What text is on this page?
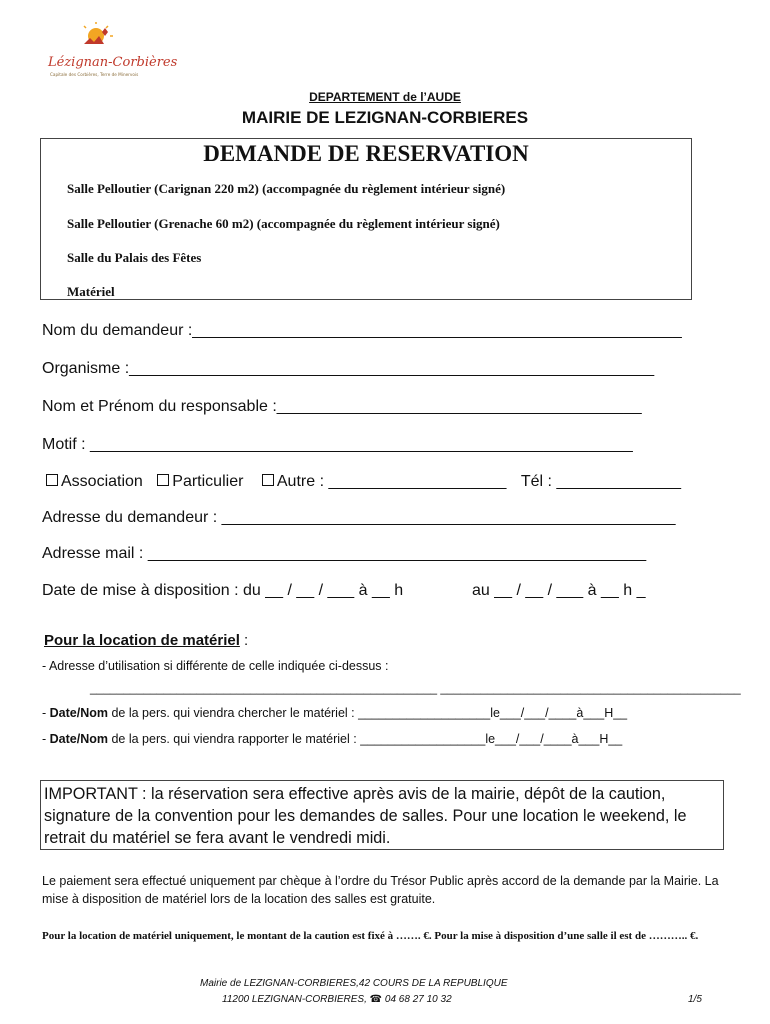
Lézignan-Corbières
Capitale des Corbières, Terre de Minervois
DEPARTEMENT de l’AUDE
MAIRIE DE LEZIGNAN-CORBIERES
DEMANDE DE RESERVATION
Salle Pelloutier (Carignan 220 m2) (accompagnée du règlement intérieur signé)
Salle Pelloutier (Grenache 60 m2) (accompagnée du règlement intérieur signé)
Salle du Palais des Fêtes
Matériel
Nom du demandeur :_______________________________________________________
Organisme :___________________________________________________________
Nom et Prénom du responsable :_________________________________________
Motif : _____________________________________________________________
Association Particulier Autre : ____________________ Tél : ______________
Adresse du demandeur : ___________________________________________________
Adresse mail : ________________________________________________________
Date de mise à disposition : du __ / __ / ___ à __ h	au __ / __ / ___ à __ h _
Pour la location de matériel :
- Adresse d’utilisation si différente de celle indiquée ci-dessus :
____________________________________________________ _____________________________________________
- Date/Nom de la pers. qui viendra chercher le matériel : ___________________le___/___/____à___H__
- Date/Nom de la pers. qui viendra rapporter le matériel : __________________le___/___/____à___H__
IMPORTANT : la réservation sera effective après avis de la mairie, dépôt de la caution, signature de la convention pour les demandes de salles. Pour une location le weekend, le retrait du matériel se fera avant le vendredi midi.
Le paiement sera effectué uniquement par chèque à l’ordre du Trésor Public après accord de la demande par la Mairie. La mise à disposition de matériel lors de la location des salles est gratuite.
Pour la location de matériel uniquement, le montant de la caution est fixé à ……. €. Pour la mise à disposition d’une salle il est de ……….. €.
Mairie de LEZIGNAN-CORBIERES,42 COURS DE LA REPUBLIQUE
11200 LEZIGNAN-CORBIERES, ☎ 04 68 27 10 32	1/5
